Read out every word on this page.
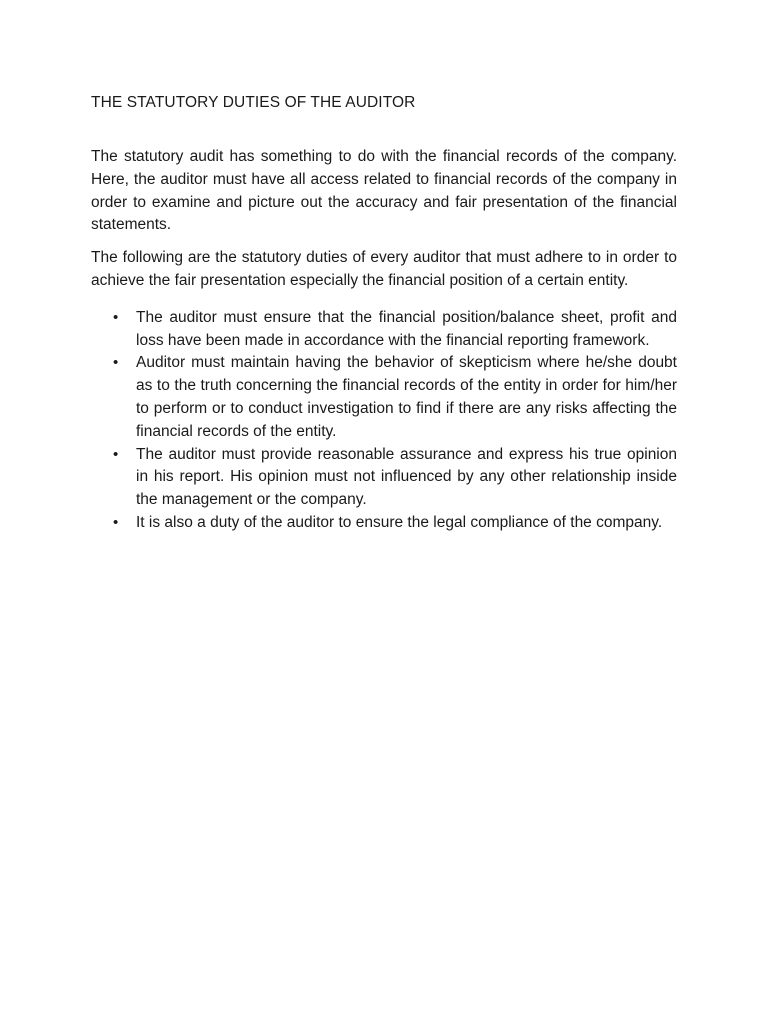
THE STATUTORY DUTIES OF THE AUDITOR

The statutory audit has something to do with the financial records of the company. Here, the auditor must have all access related to financial records of the company in order to examine and picture out the accuracy and fair presentation of the financial statements.

The following are the statutory duties of every auditor that must adhere to in order to achieve the fair presentation especially the financial position of a certain entity.

• The auditor must ensure that the financial position/balance sheet, profit and loss have been made in accordance with the financial reporting framework.
• Auditor must maintain having the behavior of skepticism where he/she doubt as to the truth concerning the financial records of the entity in order for him/her to perform or to conduct investigation to find if there are any risks affecting the financial records of the entity.
• The auditor must provide reasonable assurance and express his true opinion in his report. His opinion must not influenced by any other relationship inside the management or the company.
• It is also a duty of the auditor to ensure the legal compliance of the company.
